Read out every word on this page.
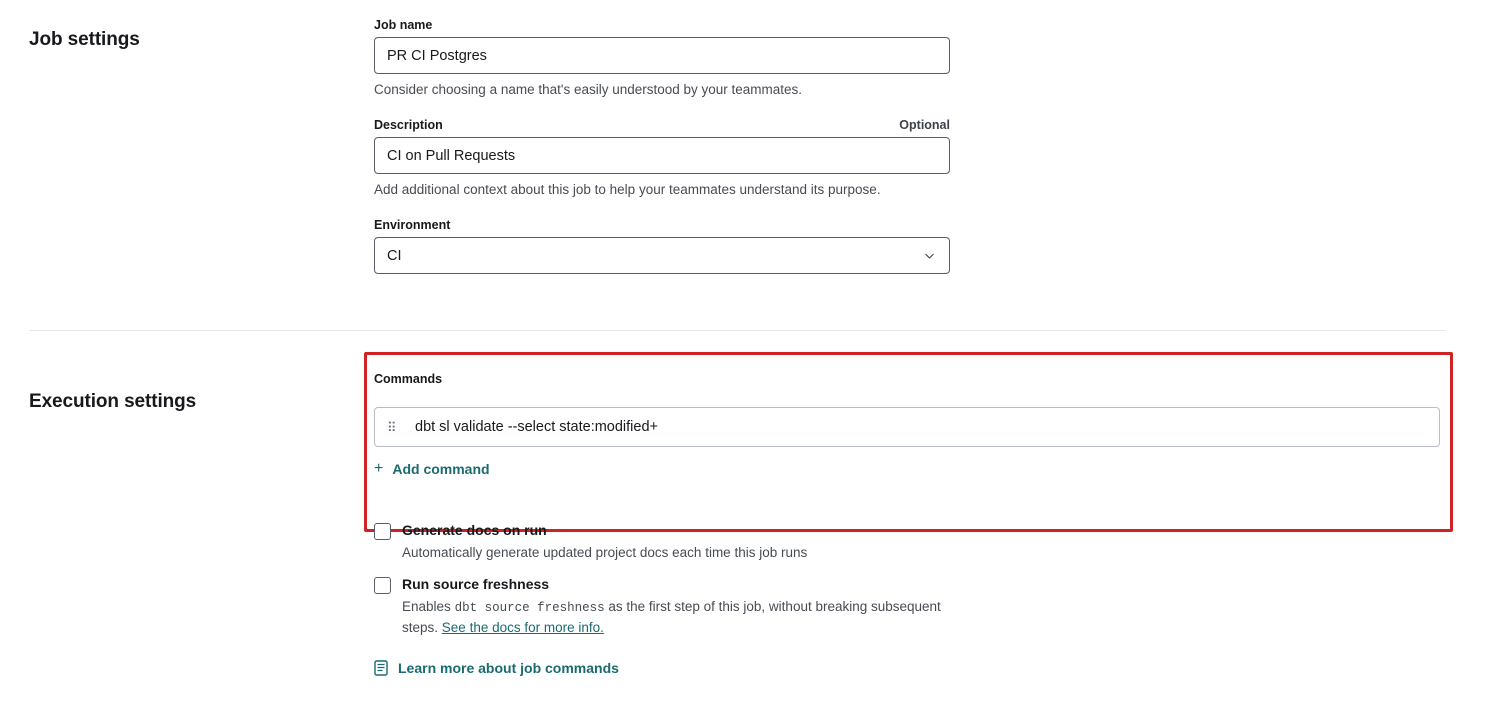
Job settings
Job name
PR CI Postgres
Consider choosing a name that's easily understood by your teammates.
Description	Optional
CI on Pull Requests
Add additional context about this job to help your teammates understand its purpose.
Environment
CI
Execution settings
Commands
⠿	dbt sl validate --select state:modified+
+ Add command
Generate docs on run
Automatically generate updated project docs each time this job runs
Run source freshness
Enables dbt source freshness as the first step of this job, without breaking subsequent steps. See the docs for more info.
Learn more about job commands
